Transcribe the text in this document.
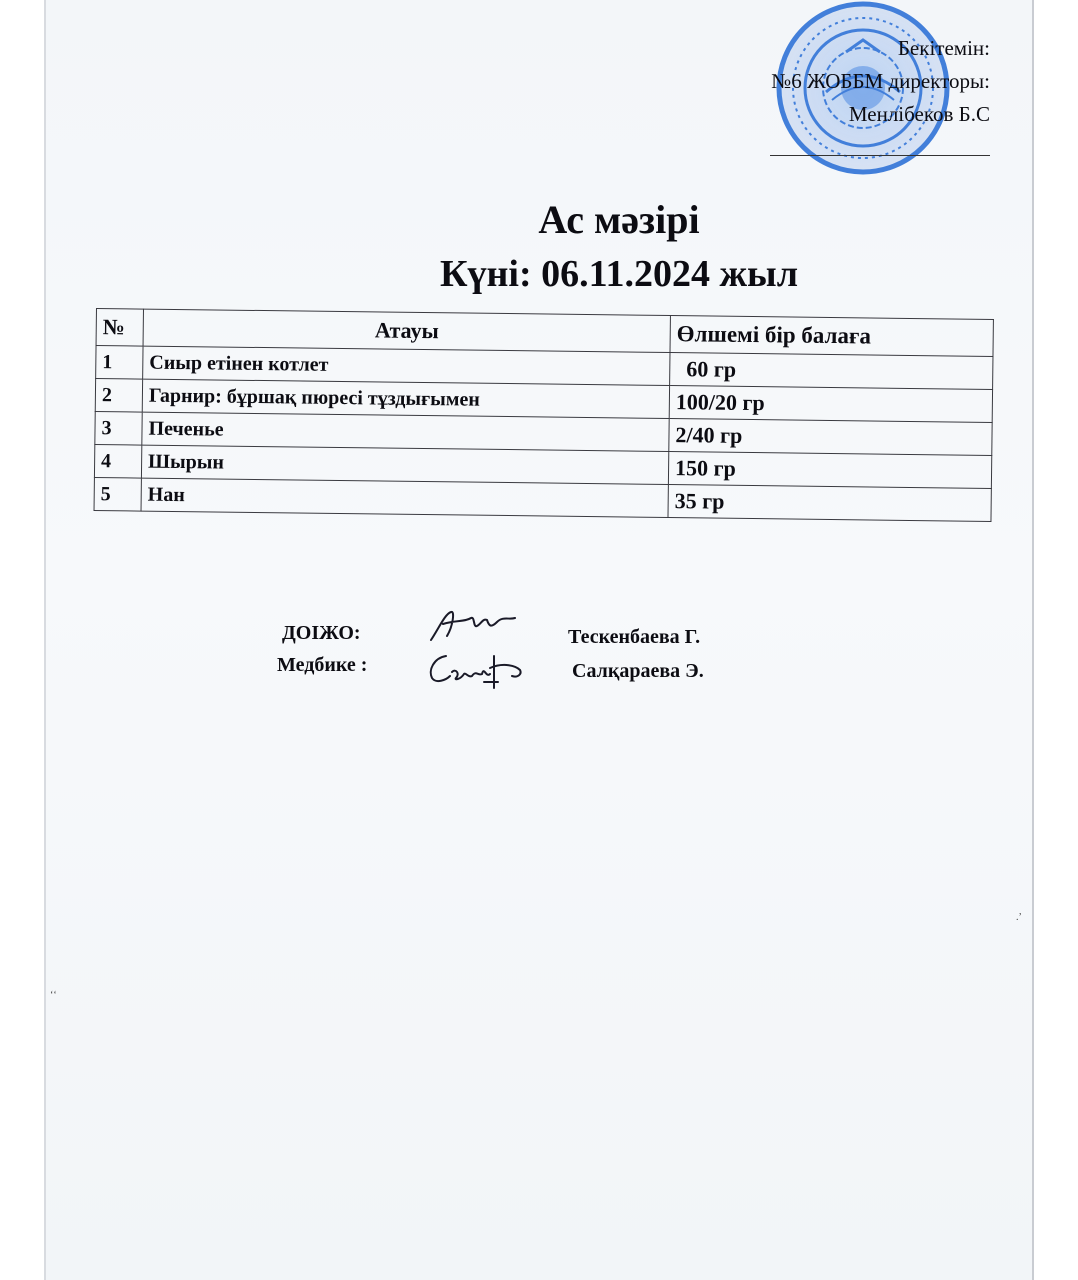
Бекітемін:
№6 ЖОББМ директоры:
Менлібеков Б.С
Ас мәзірі
Күні: 06.11.2024 жыл
№	Атауы	Өлшемі бір балаға
1	Сиыр етінен котлет	60 гр
2	Гарнир: бұршақ пюресі тұздығымен	100/20 гр
3	Печенье	2/40 гр
4	Шырын	150 гр
5	Нан	35 гр
ДОІЖО:	Тескенбаева Г.
Медбике :	Салқараева Э.
.ʼ
ʻʻ
